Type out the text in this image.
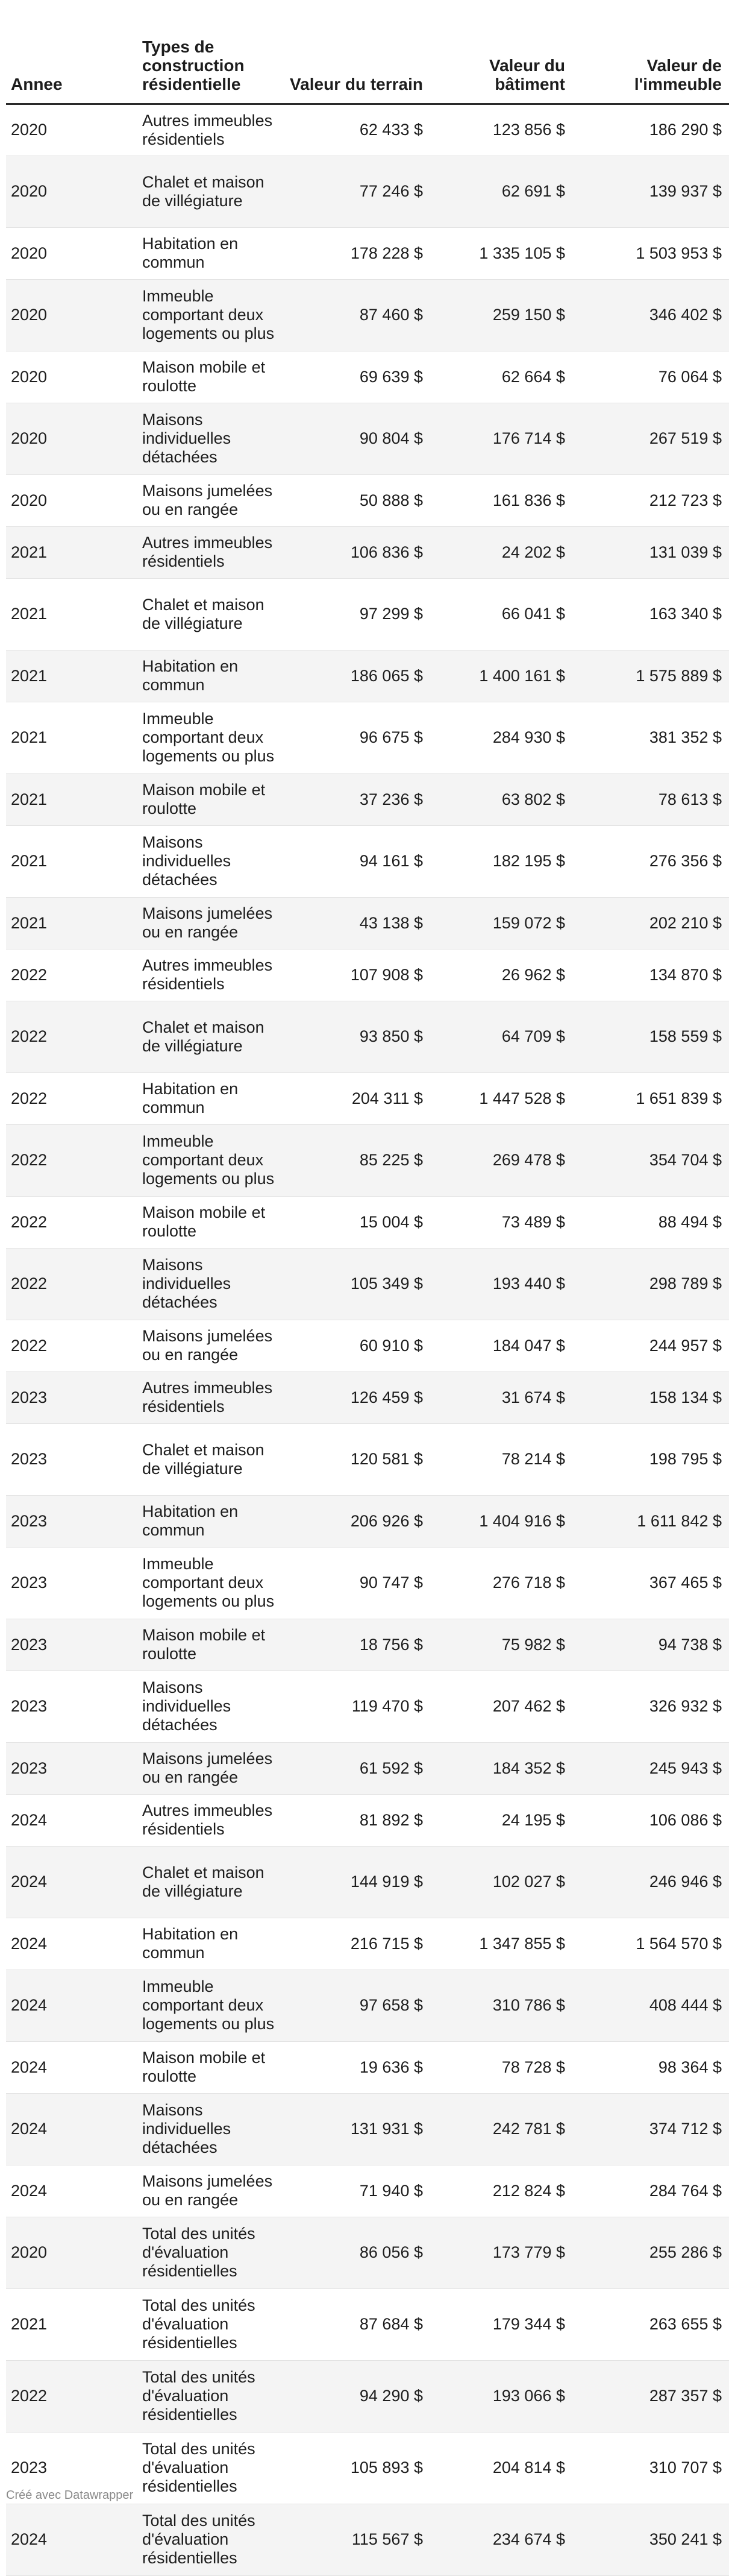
Annee	Types de construction résidentielle	Valeur du terrain	Valeur du bâtiment	Valeur de l'immeuble
2020	Autres immeubles résidentiels	62 433 $	123 856 $	186 290 $
2020	Chalet et maison de villégiature	77 246 $	62 691 $	139 937 $
2020	Habitation en commun	178 228 $	1 335 105 $	1 503 953 $
2020	Immeuble comportant deux logements ou plus	87 460 $	259 150 $	346 402 $
2020	Maison mobile et roulotte	69 639 $	62 664 $	76 064 $
2020	Maisons individuelles détachées	90 804 $	176 714 $	267 519 $
2020	Maisons jumelées ou en rangée	50 888 $	161 836 $	212 723 $
2021	Autres immeubles résidentiels	106 836 $	24 202 $	131 039 $
2021	Chalet et maison de villégiature	97 299 $	66 041 $	163 340 $
2021	Habitation en commun	186 065 $	1 400 161 $	1 575 889 $
2021	Immeuble comportant deux logements ou plus	96 675 $	284 930 $	381 352 $
2021	Maison mobile et roulotte	37 236 $	63 802 $	78 613 $
2021	Maisons individuelles détachées	94 161 $	182 195 $	276 356 $
2021	Maisons jumelées ou en rangée	43 138 $	159 072 $	202 210 $
2022	Autres immeubles résidentiels	107 908 $	26 962 $	134 870 $
2022	Chalet et maison de villégiature	93 850 $	64 709 $	158 559 $
2022	Habitation en commun	204 311 $	1 447 528 $	1 651 839 $
2022	Immeuble comportant deux logements ou plus	85 225 $	269 478 $	354 704 $
2022	Maison mobile et roulotte	15 004 $	73 489 $	88 494 $
2022	Maisons individuelles détachées	105 349 $	193 440 $	298 789 $
2022	Maisons jumelées ou en rangée	60 910 $	184 047 $	244 957 $
2023	Autres immeubles résidentiels	126 459 $	31 674 $	158 134 $
2023	Chalet et maison de villégiature	120 581 $	78 214 $	198 795 $
2023	Habitation en commun	206 926 $	1 404 916 $	1 611 842 $
2023	Immeuble comportant deux logements ou plus	90 747 $	276 718 $	367 465 $
2023	Maison mobile et roulotte	18 756 $	75 982 $	94 738 $
2023	Maisons individuelles détachées	119 470 $	207 462 $	326 932 $
2023	Maisons jumelées ou en rangée	61 592 $	184 352 $	245 943 $
2024	Autres immeubles résidentiels	81 892 $	24 195 $	106 086 $
2024	Chalet et maison de villégiature	144 919 $	102 027 $	246 946 $
2024	Habitation en commun	216 715 $	1 347 855 $	1 564 570 $
2024	Immeuble comportant deux logements ou plus	97 658 $	310 786 $	408 444 $
2024	Maison mobile et roulotte	19 636 $	78 728 $	98 364 $
2024	Maisons individuelles détachées	131 931 $	242 781 $	374 712 $
2024	Maisons jumelées ou en rangée	71 940 $	212 824 $	284 764 $
2020	Total des unités d'évaluation résidentielles	86 056 $	173 779 $	255 286 $
2021	Total des unités d'évaluation résidentielles	87 684 $	179 344 $	263 655 $
2022	Total des unités d'évaluation résidentielles	94 290 $	193 066 $	287 357 $
2023	Total des unités d'évaluation résidentielles	105 893 $	204 814 $	310 707 $
2024	Total des unités d'évaluation résidentielles	115 567 $	234 674 $	350 241 $
Créé avec Datawrapper
